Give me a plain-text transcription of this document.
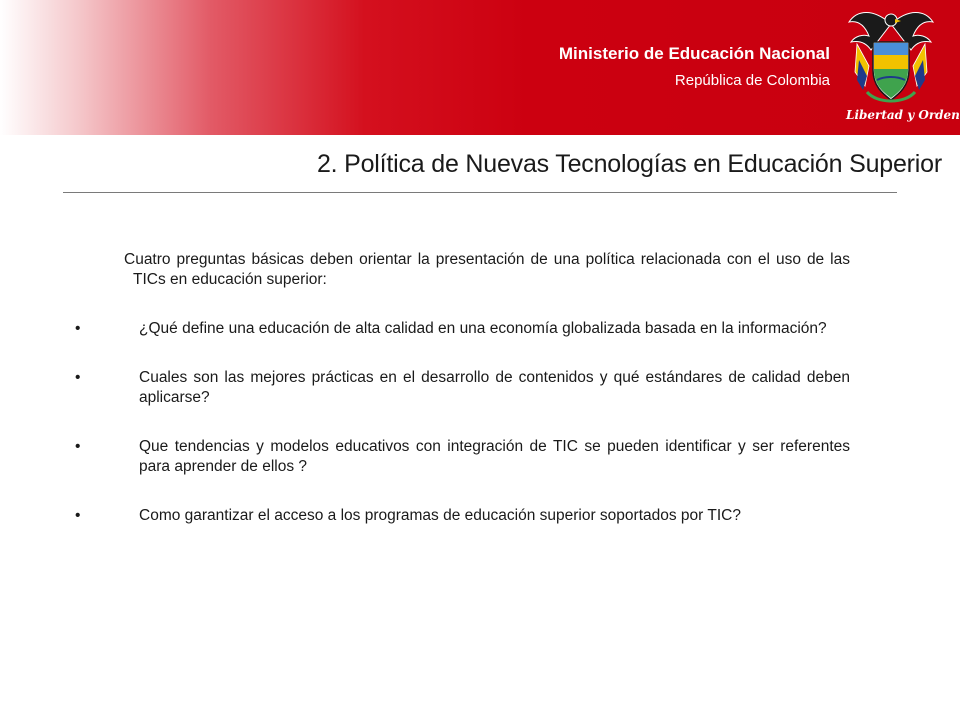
Ministerio de Educación Nacional
República de Colombia
Libertad y Orden
2. Política de Nuevas Tecnologías en Educación Superior

Cuatro preguntas básicas deben orientar la presentación de una política relacionada con el uso de las TICs en educación superior:

•	¿Qué define una educación de alta calidad en una economía globalizada basada en la información?
•	Cuales son las mejores prácticas en el desarrollo de contenidos y qué estándares de calidad deben aplicarse?
•	Que tendencias y modelos educativos con integración de TIC se pueden identificar y ser referentes para aprender de ellos ?
•	Como garantizar el acceso a los programas de educación superior soportados por TIC?
